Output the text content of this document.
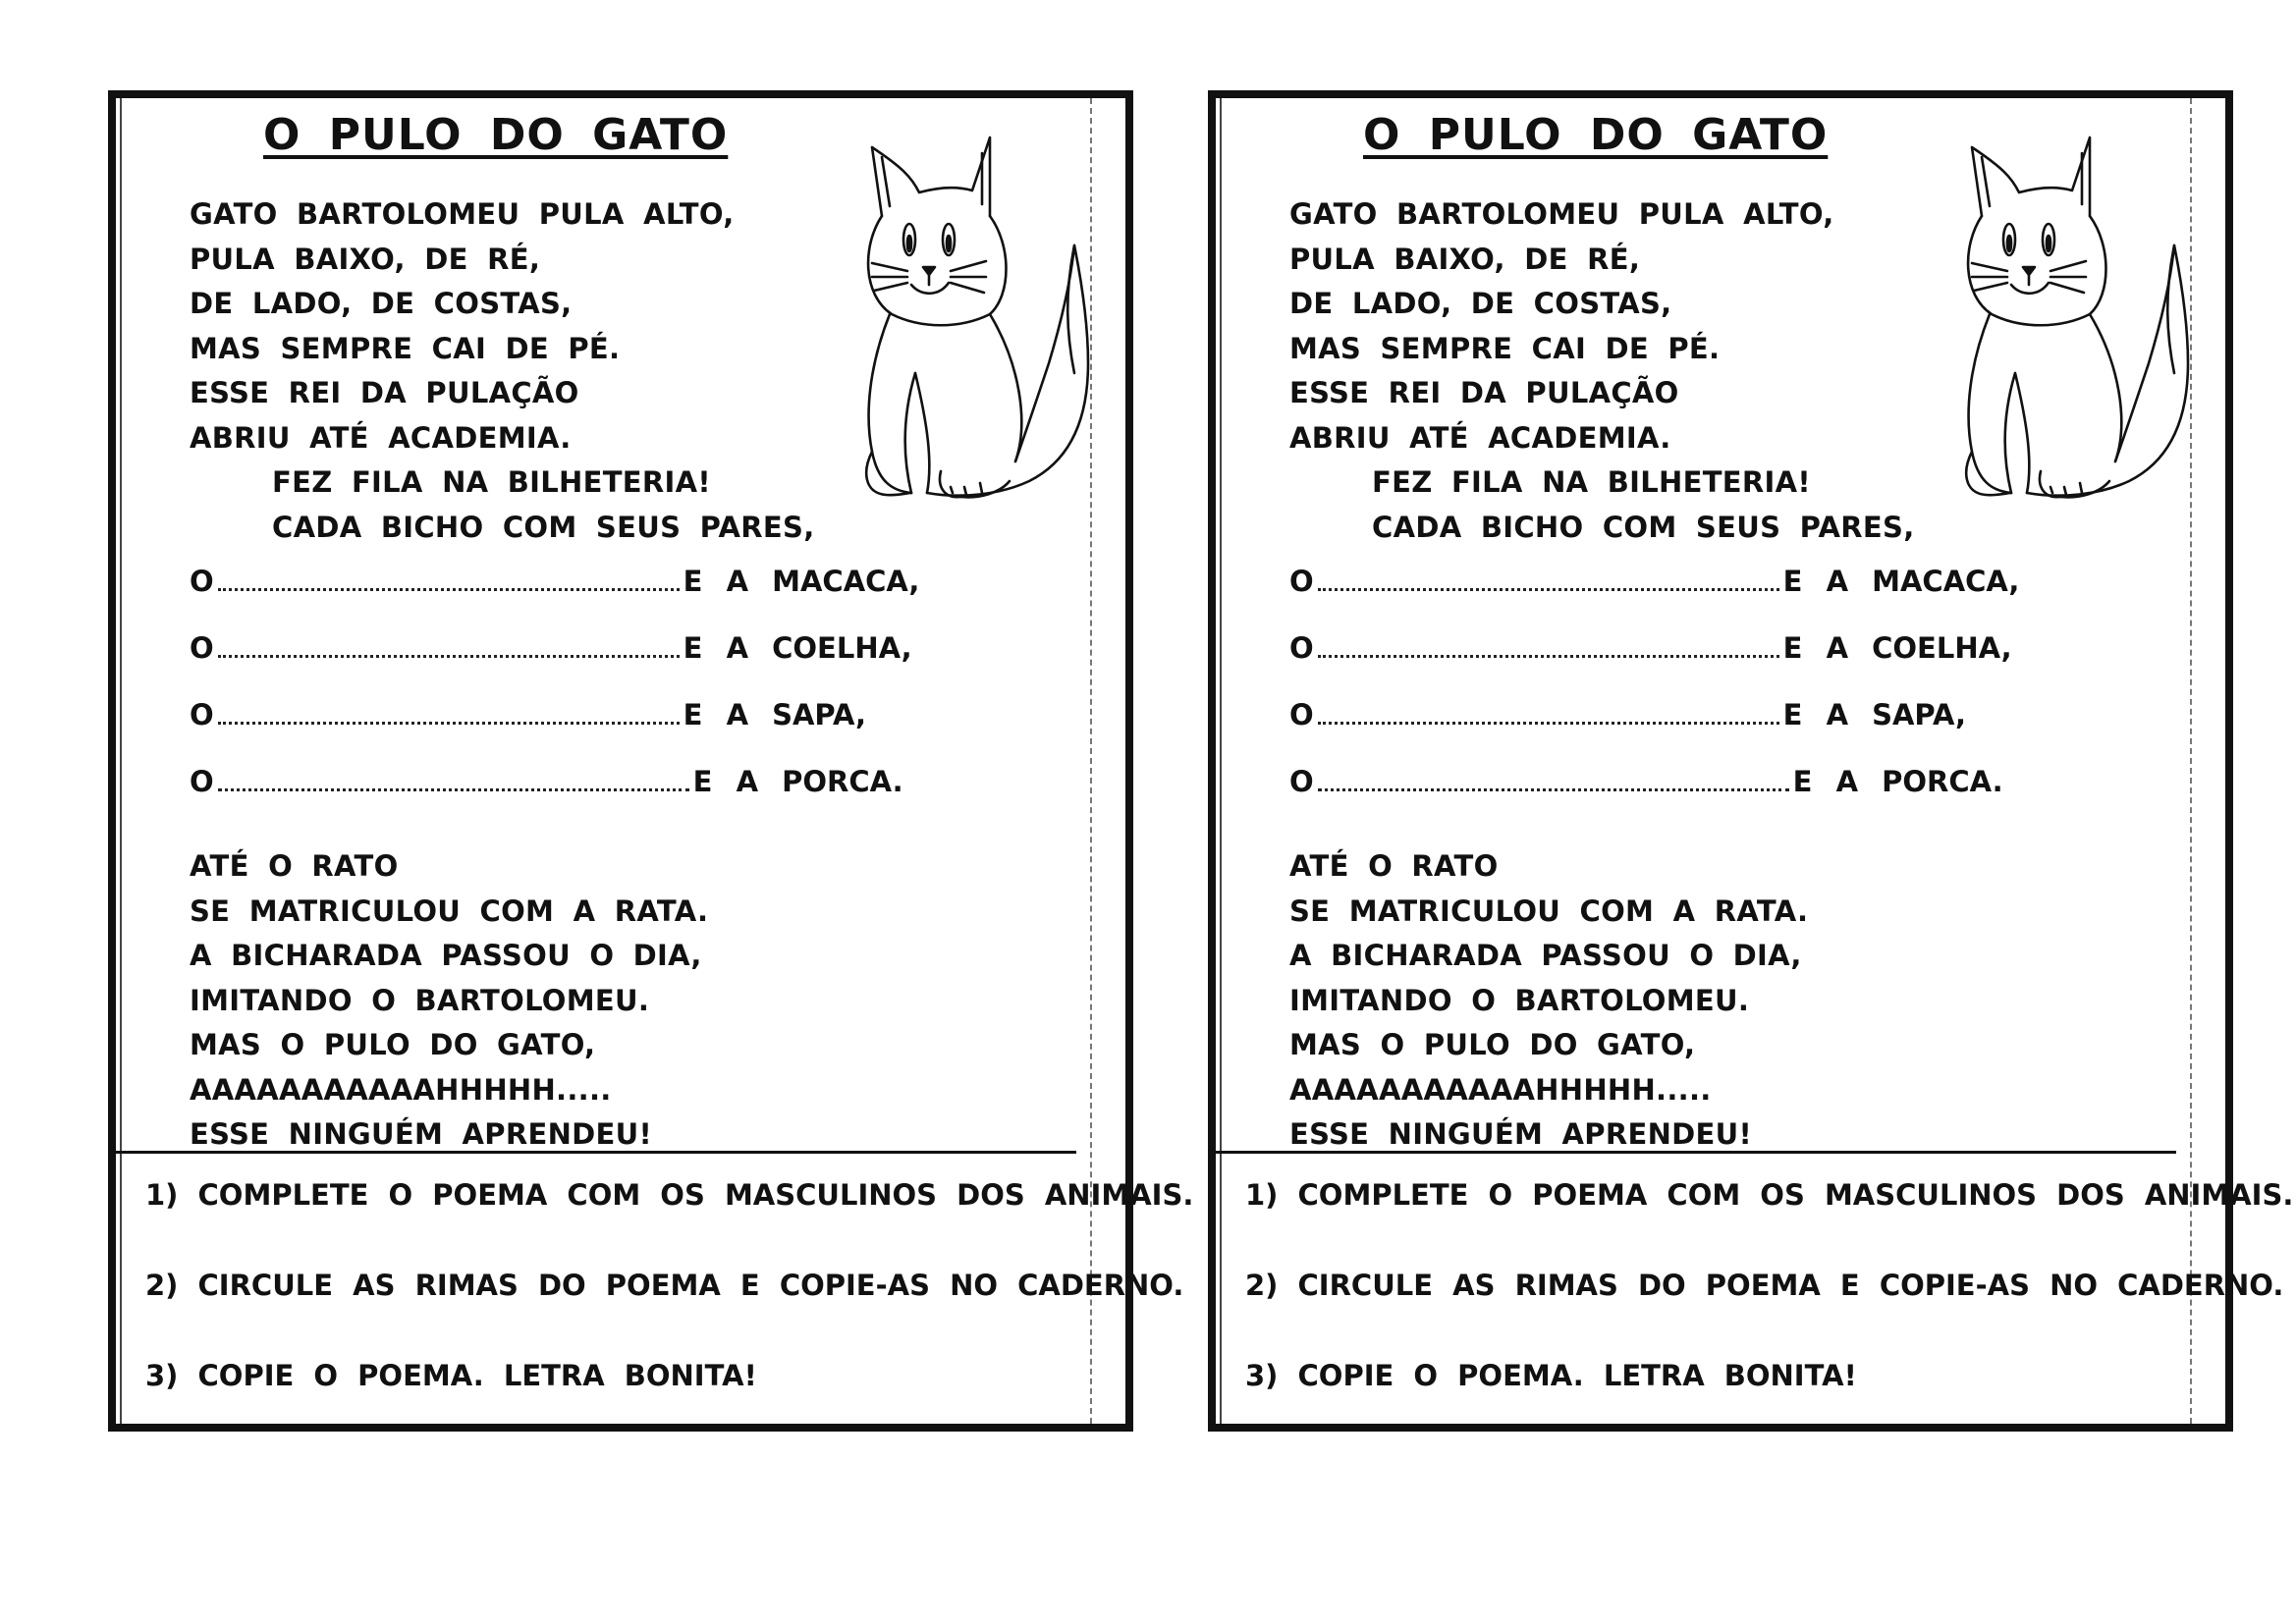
O PULO DO GATO
GATO BARTOLOMEU PULA ALTO,
PULA BAIXO, DE RÉ,
DE LADO, DE COSTAS,
MAS SEMPRE CAI DE PÉ.
ESSE REI DA PULAÇÃO
ABRIU ATÉ ACADEMIA.
FEZ FILA NA BILHETERIA!
CADA BICHO COM SEUS PARES,
O	E A MACACA,
O	E A COELHA,
O	E A SAPA,
O	E A PORCA.
ATÉ O RATO
SE MATRICULOU COM A RATA.
A BICHARADA PASSOU O DIA,
IMITANDO O BARTOLOMEU.
MAS O PULO DO GATO,
AAAAAAAAAAAHHHHH.....
ESSE NINGUÉM APRENDEU!
1) COMPLETE O POEMA COM OS MASCULINOS DOS ANIMAIS.
2) CIRCULE AS RIMAS DO POEMA E COPIE-AS NO CADERNO.
3) COPIE O POEMA. LETRA BONITA!
O PULO DO GATO
GATO BARTOLOMEU PULA ALTO,
PULA BAIXO, DE RÉ,
DE LADO, DE COSTAS,
MAS SEMPRE CAI DE PÉ.
ESSE REI DA PULAÇÃO
ABRIU ATÉ ACADEMIA.
FEZ FILA NA BILHETERIA!
CADA BICHO COM SEUS PARES,
O	E A MACACA,
O	E A COELHA,
O	E A SAPA,
O	E A PORCA.
ATÉ O RATO
SE MATRICULOU COM A RATA.
A BICHARADA PASSOU O DIA,
IMITANDO O BARTOLOMEU.
MAS O PULO DO GATO,
AAAAAAAAAAAHHHHH.....
ESSE NINGUÉM APRENDEU!
1) COMPLETE O POEMA COM OS MASCULINOS DOS ANIMAIS.
2) CIRCULE AS RIMAS DO POEMA E COPIE-AS NO CADERNO.
3) COPIE O POEMA. LETRA BONITA!
